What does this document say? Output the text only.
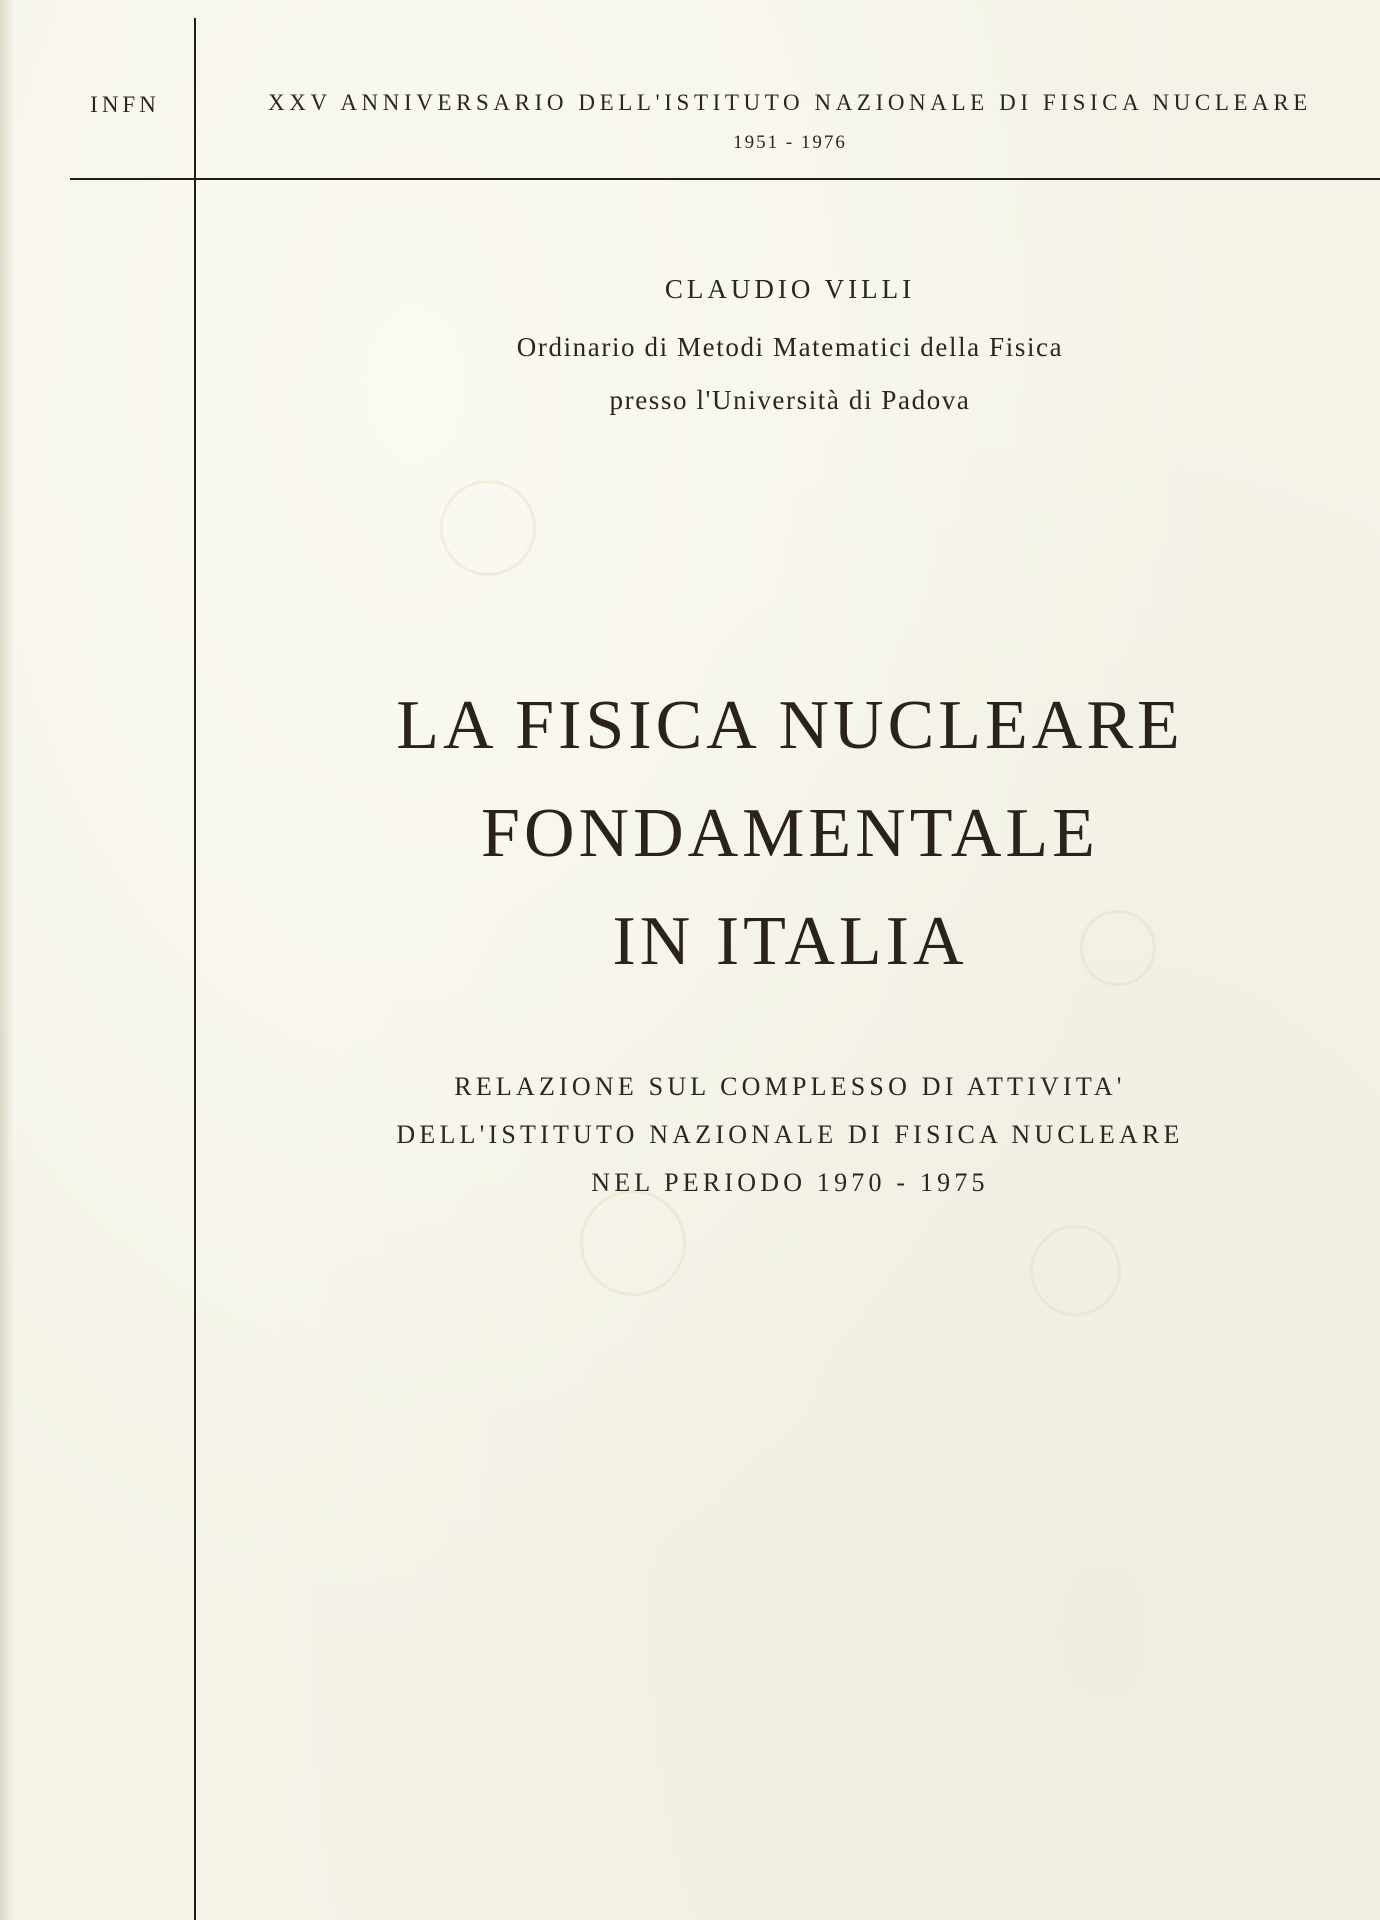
INFN	XXV ANNIVERSARIO DELL'ISTITUTO NAZIONALE DI FISICA NUCLEARE
1951 - 1976
CLAUDIO VILLI
Ordinario di Metodi Matematici della Fisica
presso l'Università di Padova
LA FISICA NUCLEARE
FONDAMENTALE
IN ITALIA
RELAZIONE SUL COMPLESSO DI ATTIVITA'
DELL'ISTITUTO NAZIONALE DI FISICA NUCLEARE
NEL PERIODO 1970 - 1975
